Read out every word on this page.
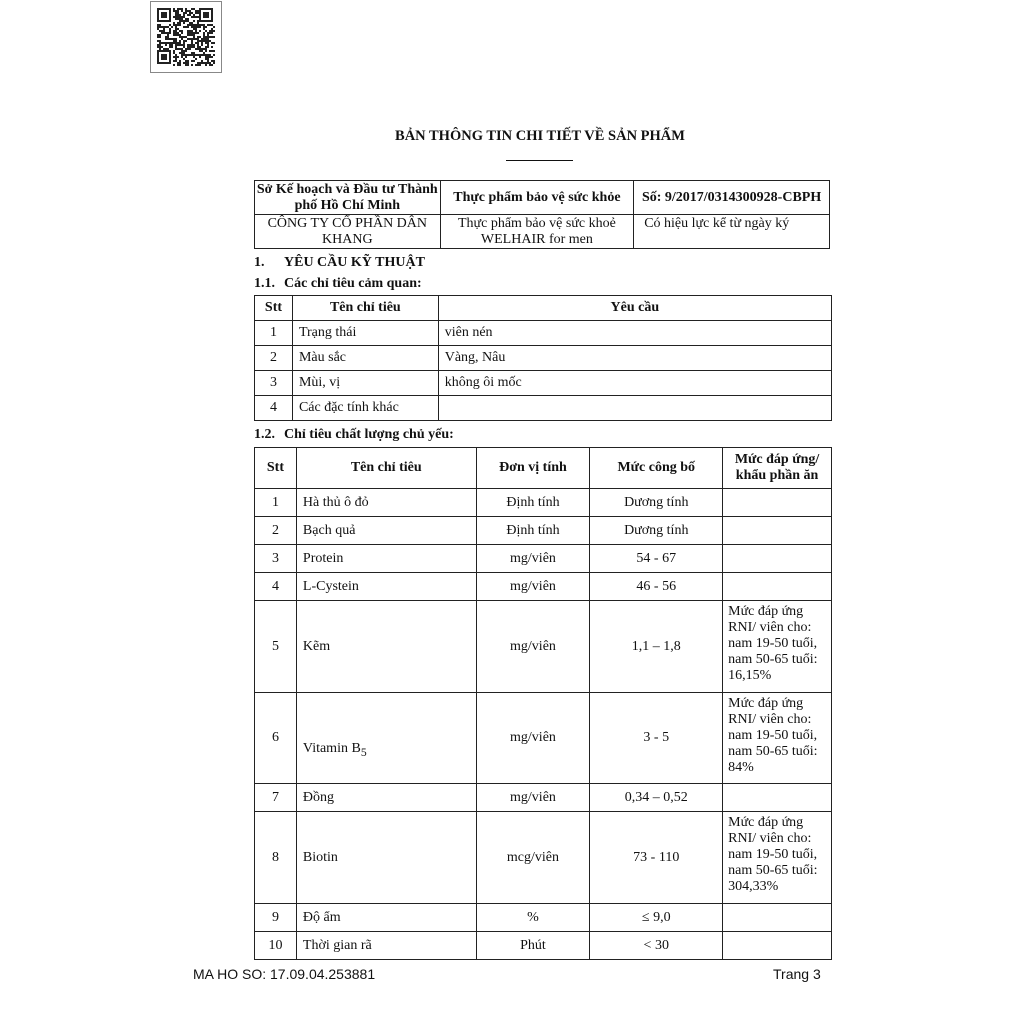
BẢN THÔNG TIN CHI TIẾT VỀ SẢN PHẨM
Sở Kế hoạch và Đầu tư Thành phố Hồ Chí Minh	Thực phẩm bảo vệ sức khỏe	Số: 9/2017/0314300928-CBPH
CÔNG TY CỔ PHẦN DÂN KHANG	Thực phẩm bảo vệ sức khoẻ WELHAIR for men	Có hiệu lực kể từ ngày ký
1. YÊU CẦU KỸ THUẬT
1.1. Các chỉ tiêu cảm quan:
Stt	Tên chỉ tiêu	Yêu cầu
1	Trạng thái	viên nén
2	Màu sắc	Vàng, Nâu
3	Mùi, vị	không ôi mốc
4	Các đặc tính khác	
1.2. Chỉ tiêu chất lượng chủ yếu:
Stt	Tên chỉ tiêu	Đơn vị tính	Mức công bố	Mức đáp ứng/ khẩu phần ăn
1	Hà thủ ô đỏ	Định tính	Dương tính	
2	Bạch quả	Định tính	Dương tính	
3	Protein	mg/viên	54 - 67	
4	L-Cystein	mg/viên	46 - 56	
5	Kẽm	mg/viên	1,1 – 1,8	Mức đáp ứng RNI/ viên cho: nam 19-50 tuổi, nam 50-65 tuổi: 16,15%
6	Vitamin $B_5$	mg/viên	3 - 5	Mức đáp ứng RNI/ viên cho: nam 19-50 tuổi, nam 50-65 tuổi: 84%
7	Đồng	mg/viên	0,34 – 0,52	
8	Biotin	mcg/viên	73 - 110	Mức đáp ứng RNI/ viên cho: nam 19-50 tuổi, nam 50-65 tuổi: 304,33%
9	Độ ẩm	%	≤ 9,0	
10	Thời gian rã	Phút	< 30	
MA HO SO: 17.09.04.253881	Trang 3
